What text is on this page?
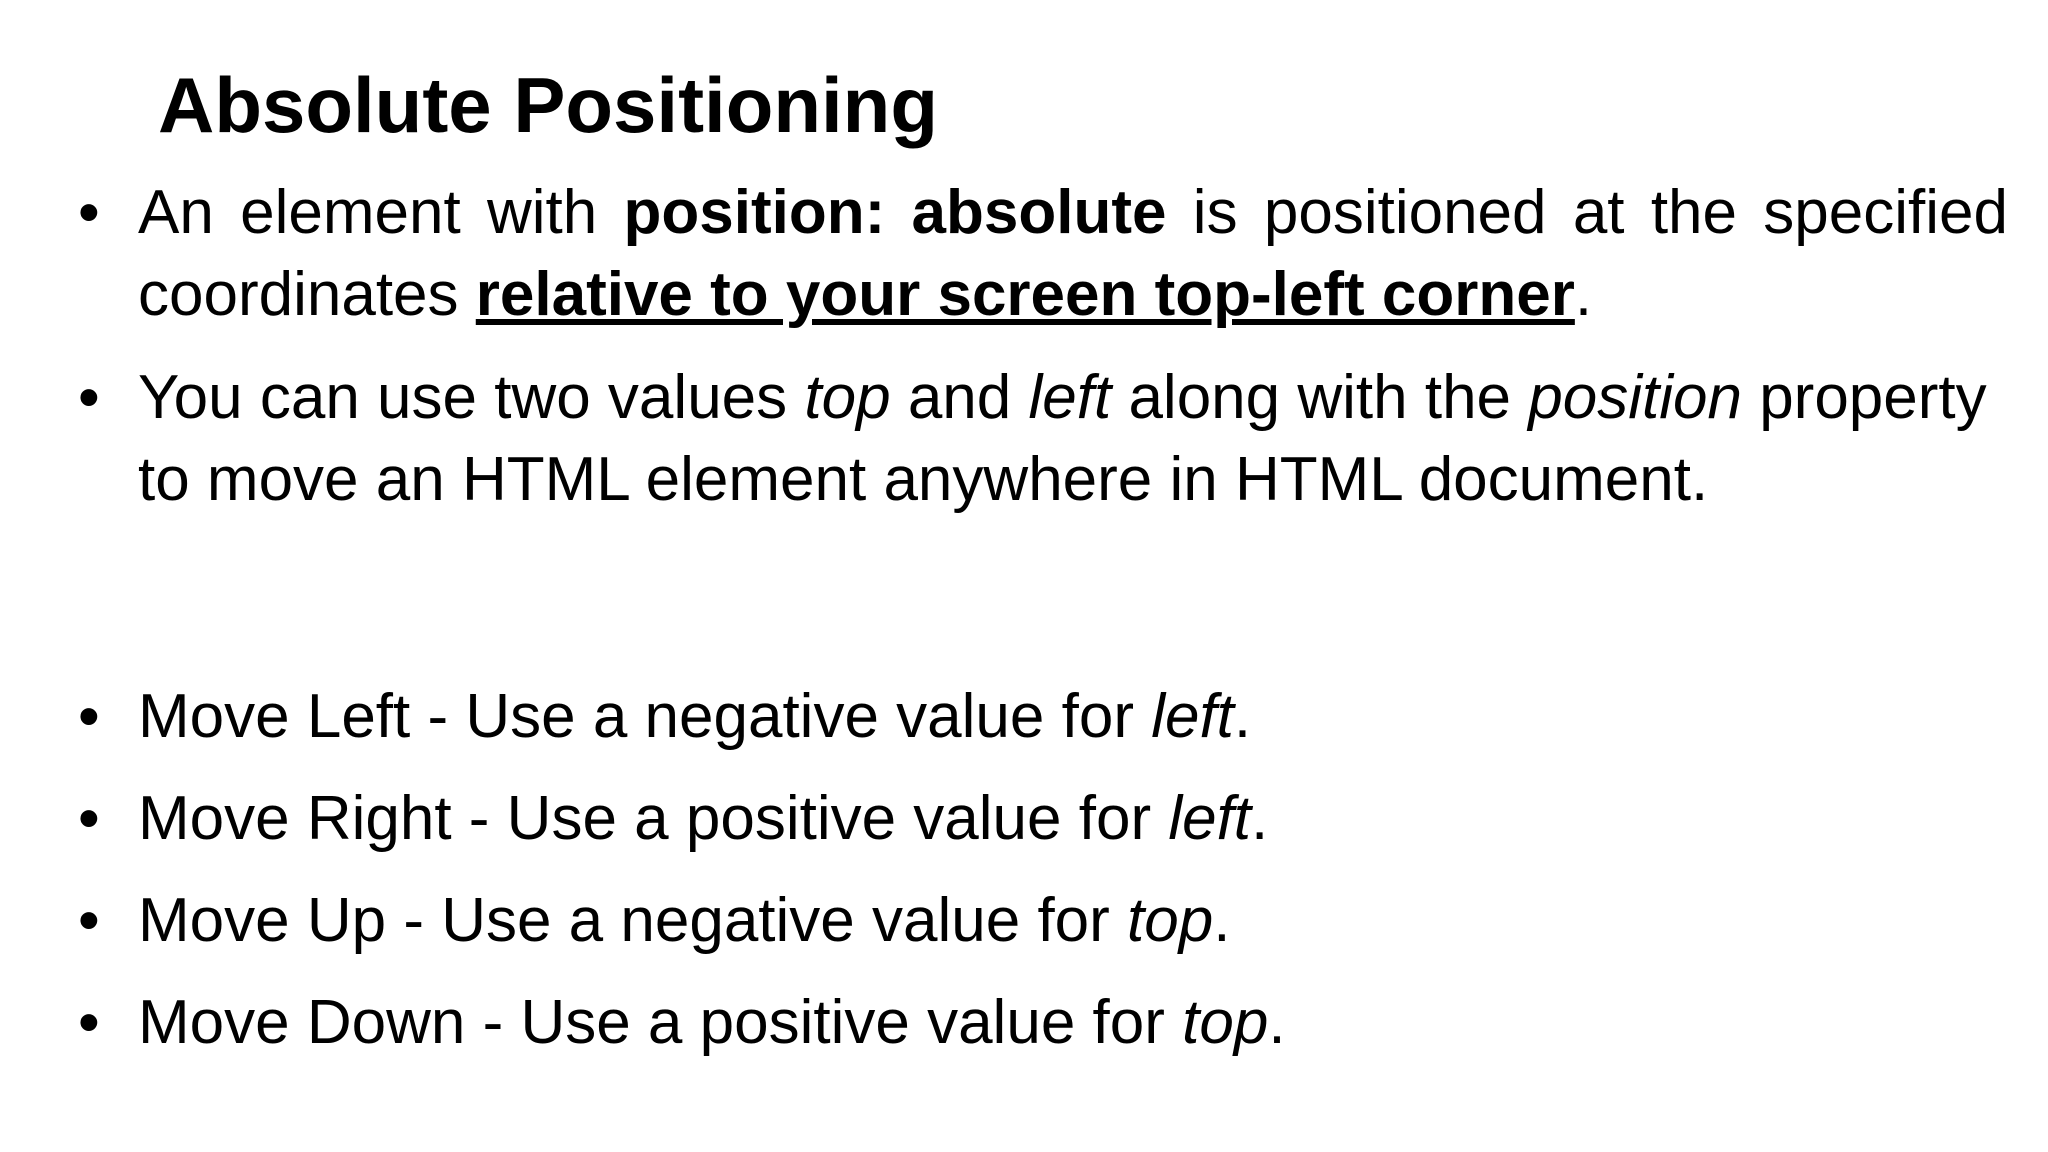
Absolute Positioning
• An element with position: absolute is positioned at the specified coordinates relative to your screen top-left corner.
• You can use two values top and left along with the position property to move an HTML element anywhere in HTML document.
• Move Left - Use a negative value for left.
• Move Right - Use a positive value for left.
• Move Up - Use a negative value for top.
• Move Down - Use a positive value for top.
